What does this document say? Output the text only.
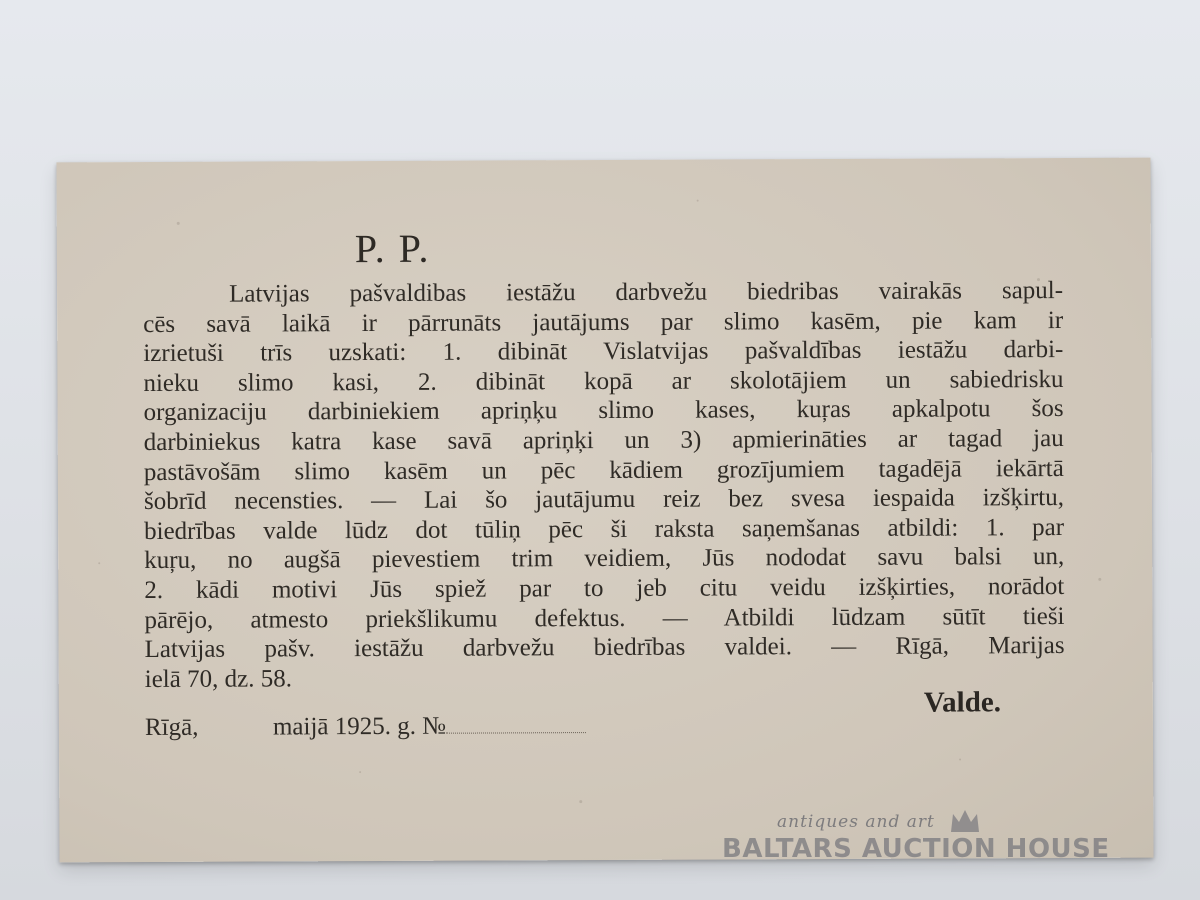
P. P.
Latvijas pašvaldibas iestāžu darbvežu biedribas vairakās sapul-
cēs savā laikā ir pārrunāts jautājums par slimo kasēm, pie kam ir
izrietuši trīs uzskati: 1. dibināt Vislatvijas pašvaldības iestāžu darbi-
nieku slimo kasi, 2. dibināt kopā ar skolotājiem un sabiedrisku
organizaciju darbiniekiem apriņķu slimo kases, kuŗas apkalpotu šos
darbiniekus katra kase savā apriņķi un 3) apmierināties ar tagad jau
pastāvošām slimo kasēm un pēc kādiem grozījumiem tagadējā iekārtā
šobrīd necensties. — Lai šo jautājumu reiz bez svesa iespaida izšķirtu,
biedrības valde lūdz dot tūliņ pēc ši raksta saņemšanas atbildi: 1. par
kuŗu, no augšā pievestiem trim veidiem, Jūs nododat savu balsi un,
2. kādi motivi Jūs spiež par to jeb citu veidu izšķirties, norādot
pārējo, atmesto priekšlikumu defektus. — Atbildi lūdzam sūtīt tieši
Latvijas pašv. iestāžu darbvežu biedrības valdei. — Rīgā, Marijas
ielā 70, dz. 58.
Valde.
Rīgā,	maijā 1925. g. №
antiques and art
BALTARS AUCTION HOUSE
